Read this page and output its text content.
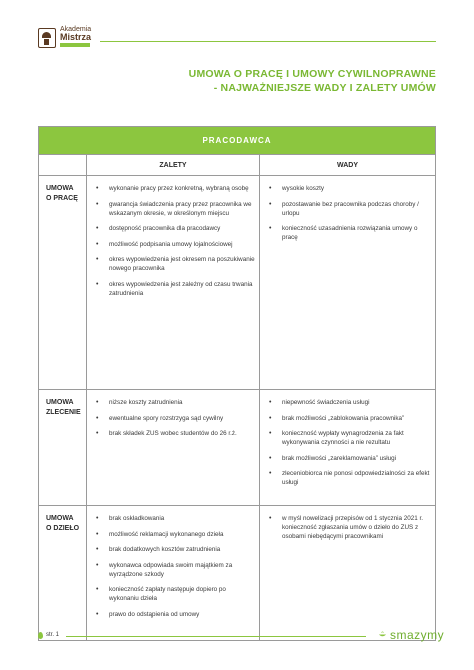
Akademia
Mistrza
UMOWA O PRACĘ I UMOWY CYWILNOPRAWNE
- NAJWAŻNIEJSZE WADY I ZALETY UMÓW
PRACODAWCA
ZALETY	WADY
UMOWA
O PRACĘ
• wykonanie pracy przez konkretną, wybraną osobę
• gwarancja świadczenia pracy przez pracownika we wskazanym okresie, w określonym miejscu
• dostępność pracownika dla pracodawcy
• możliwość podpisania umowy lojalnościowej
• okres wypowiedzenia jest okresem na poszukiwanie nowego pracownika
• okres wypowiedzenia jest zależny od czasu trwania zatrudnienia
• wysokie koszty
• pozostawanie bez pracownika podczas choroby / urlopu
• konieczność uzasadnienia rozwiązania umowy o pracę
UMOWA
ZLECENIE
• niższe koszty zatrudnienia
• ewentualne spory rozstrzyga sąd cywilny
• brak składek ZUS wobec studentów do 26 r.ż.
• niepewność świadczenia usługi
• brak możliwości „zablokowania pracownika”
• konieczność wypłaty wynagrodzenia za fakt wykonywania czynności a nie rezultatu
• brak możliwości „zareklamowania” usługi
• zleceniobiorca nie ponosi odpowiedzialności za efekt usługi
UMOWA
O DZIEŁO
• brak oskładkowania
• możliwość reklamacji wykonanego dzieła
• brak dodatkowych kosztów zatrudnienia
• wykonawca odpowiada swoim majątkiem za wyrządzone szkody
• konieczność zapłaty następuje dopiero po wykonaniu dzieła
• prawo do odstąpienia od umowy
• w myśl nowelizacji przepisów od 1 stycznia 2021 r. konieczność zgłaszania umów o dzieło do ZUS z osobami niebędącymi pracownikami
str. 1	smazymy
